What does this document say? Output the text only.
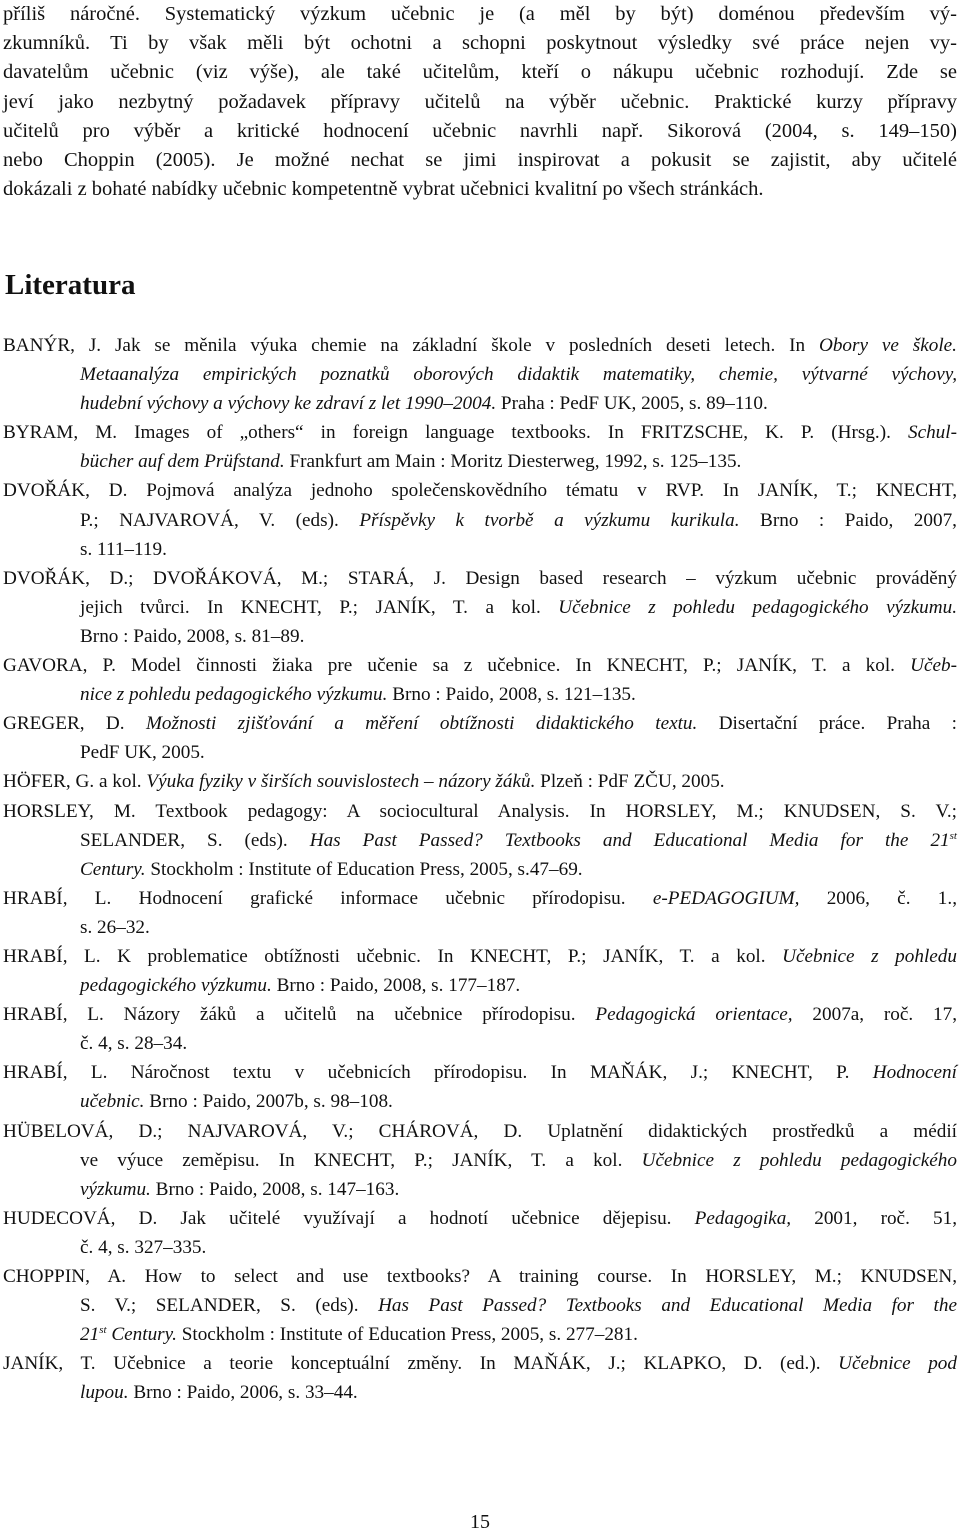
příliš náročné. Systematický výzkum učebnic je (a měl by být) doménou především vý-
zkumníků. Ti by však měli být ochotni a schopni poskytnout výsledky své práce nejen vy-
davatelům učebnic (viz výše), ale také učitelům, kteří o nákupu učebnic rozhodují. Zde se
jeví jako nezbytný požadavek přípravy učitelů na výběr učebnic. Praktické kurzy přípravy
učitelů pro výběr a kritické hodnocení učebnic navrhli např. Sikorová (2004, s. 149–150)
nebo Choppin (2005). Je možné nechat se jimi inspirovat a pokusit se zajistit, aby učitelé
dokázali z bohaté nabídky učebnic kompetentně vybrat učebnici kvalitní po všech stránkách.
Literatura
BANÝR, J. Jak se měnila výuka chemie na základní škole v posledních deseti letech. In Obory ve škole.
Metaanalýza empirických poznatků oborových didaktik matematiky, chemie, výtvarné výchovy,
hudební výchovy a výchovy ke zdraví z let 1990–2004. Praha : PedF UK, 2005, s. 89–110.
BYRAM, M. Images of „others“ in foreign language textbooks. In FRITZSCHE, K. P. (Hrsg.). Schul-
bücher auf dem Prüfstand. Frankfurt am Main : Moritz Diesterweg, 1992, s. 125–135.
DVOŘÁK, D. Pojmová analýza jednoho společenskovědního tématu v RVP. In JANÍK, T.; KNECHT,
P.; NAJVAROVÁ, V. (eds). Příspěvky k tvorbě a výzkumu kurikula. Brno : Paido, 2007,
s. 111–119.
DVOŘÁK, D.; DVOŘÁKOVÁ, M.; STARÁ, J. Design based research – výzkum učebnic prováděný
jejich tvůrci. In KNECHT, P.; JANÍK, T. a kol. Učebnice z pohledu pedagogického výzkumu.
Brno : Paido, 2008, s. 81–89.
GAVORA, P. Model činnosti žiaka pre učenie sa z učebnice. In KNECHT, P.; JANÍK, T. a kol. Učeb-
nice z pohledu pedagogického výzkumu. Brno : Paido, 2008, s. 121–135.
GREGER, D. Možnosti zjišťování a měření obtížnosti didaktického textu. Disertační práce. Praha :
PedF UK, 2005.
HÖFER, G. a kol. Výuka fyziky v širších souvislostech – názory žáků. Plzeň : PdF ZČU, 2005.
HORSLEY, M. Textbook pedagogy: A sociocultural Analysis. In HORSLEY, M.; KNUDSEN, S. V.;
SELANDER, S. (eds). Has Past Passed? Textbooks and Educational Media for the 21st
Century. Stockholm : Institute of Education Press, 2005, s.47–69.
HRABÍ, L. Hodnocení grafické informace učebnic přírodopisu. e-PEDAGOGIUM, 2006, č. 1.,
s. 26–32.
HRABÍ, L. K problematice obtížnosti učebnic. In KNECHT, P.; JANÍK, T. a kol. Učebnice z pohledu
pedagogického výzkumu. Brno : Paido, 2008, s. 177–187.
HRABÍ, L. Názory žáků a učitelů na učebnice přírodopisu. Pedagogická orientace, 2007a, roč. 17,
č. 4, s. 28–34.
HRABÍ, L. Náročnost textu v učebnicích přírodopisu. In MAŇÁK, J.; KNECHT, P. Hodnocení
učebnic. Brno : Paido, 2007b, s. 98–108.
HÜBELOVÁ, D.; NAJVAROVÁ, V.; CHÁROVÁ, D. Uplatnění didaktických prostředků a médií
ve výuce zeměpisu. In KNECHT, P.; JANÍK, T. a kol. Učebnice z pohledu pedagogického
výzkumu. Brno : Paido, 2008, s. 147–163.
HUDECOVÁ, D. Jak učitelé využívají a hodnotí učebnice dějepisu. Pedagogika, 2001, roč. 51,
č. 4, s. 327–335.
CHOPPIN, A. How to select and use textbooks? A training course. In HORSLEY, M.; KNUDSEN,
S. V.; SELANDER, S. (eds). Has Past Passed? Textbooks and Educational Media for the
21st Century. Stockholm : Institute of Education Press, 2005, s. 277–281.
JANÍK, T. Učebnice a teorie konceptuální změny. In MAŇÁK, J.; KLAPKO, D. (ed.). Učebnice pod
lupou. Brno : Paido, 2006, s. 33–44.
15
